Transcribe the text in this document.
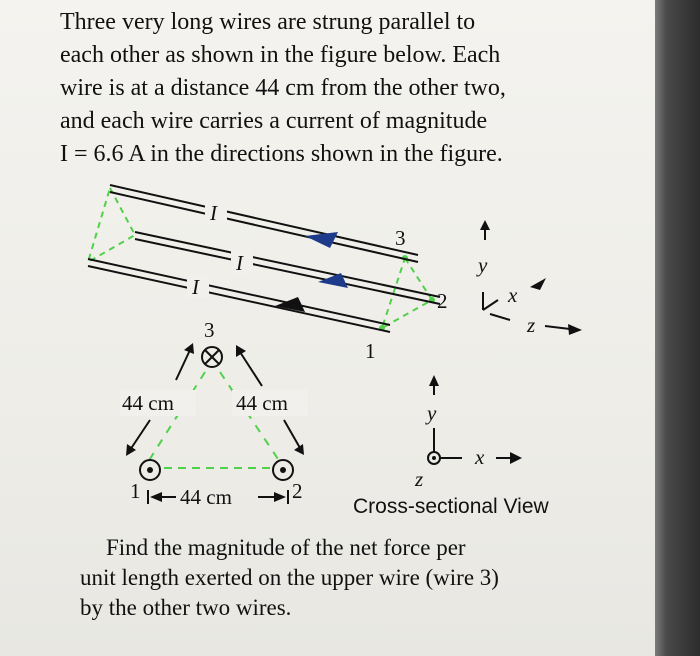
Three very long wires are strung parallel to
each other as shown in the figure below. Each
wire is at a distance 44 cm from the other two,
and each wire carries a current of magnitude
I = 6.6 A in the directions shown in the figure.
I
I
I
3
2
1
y
x
z
3
44 cm	44 cm
1	2
44 cm
y
x
z
Cross-sectional View
Find the magnitude of the net force per
unit length exerted on the upper wire (wire 3)
by the other two wires.
